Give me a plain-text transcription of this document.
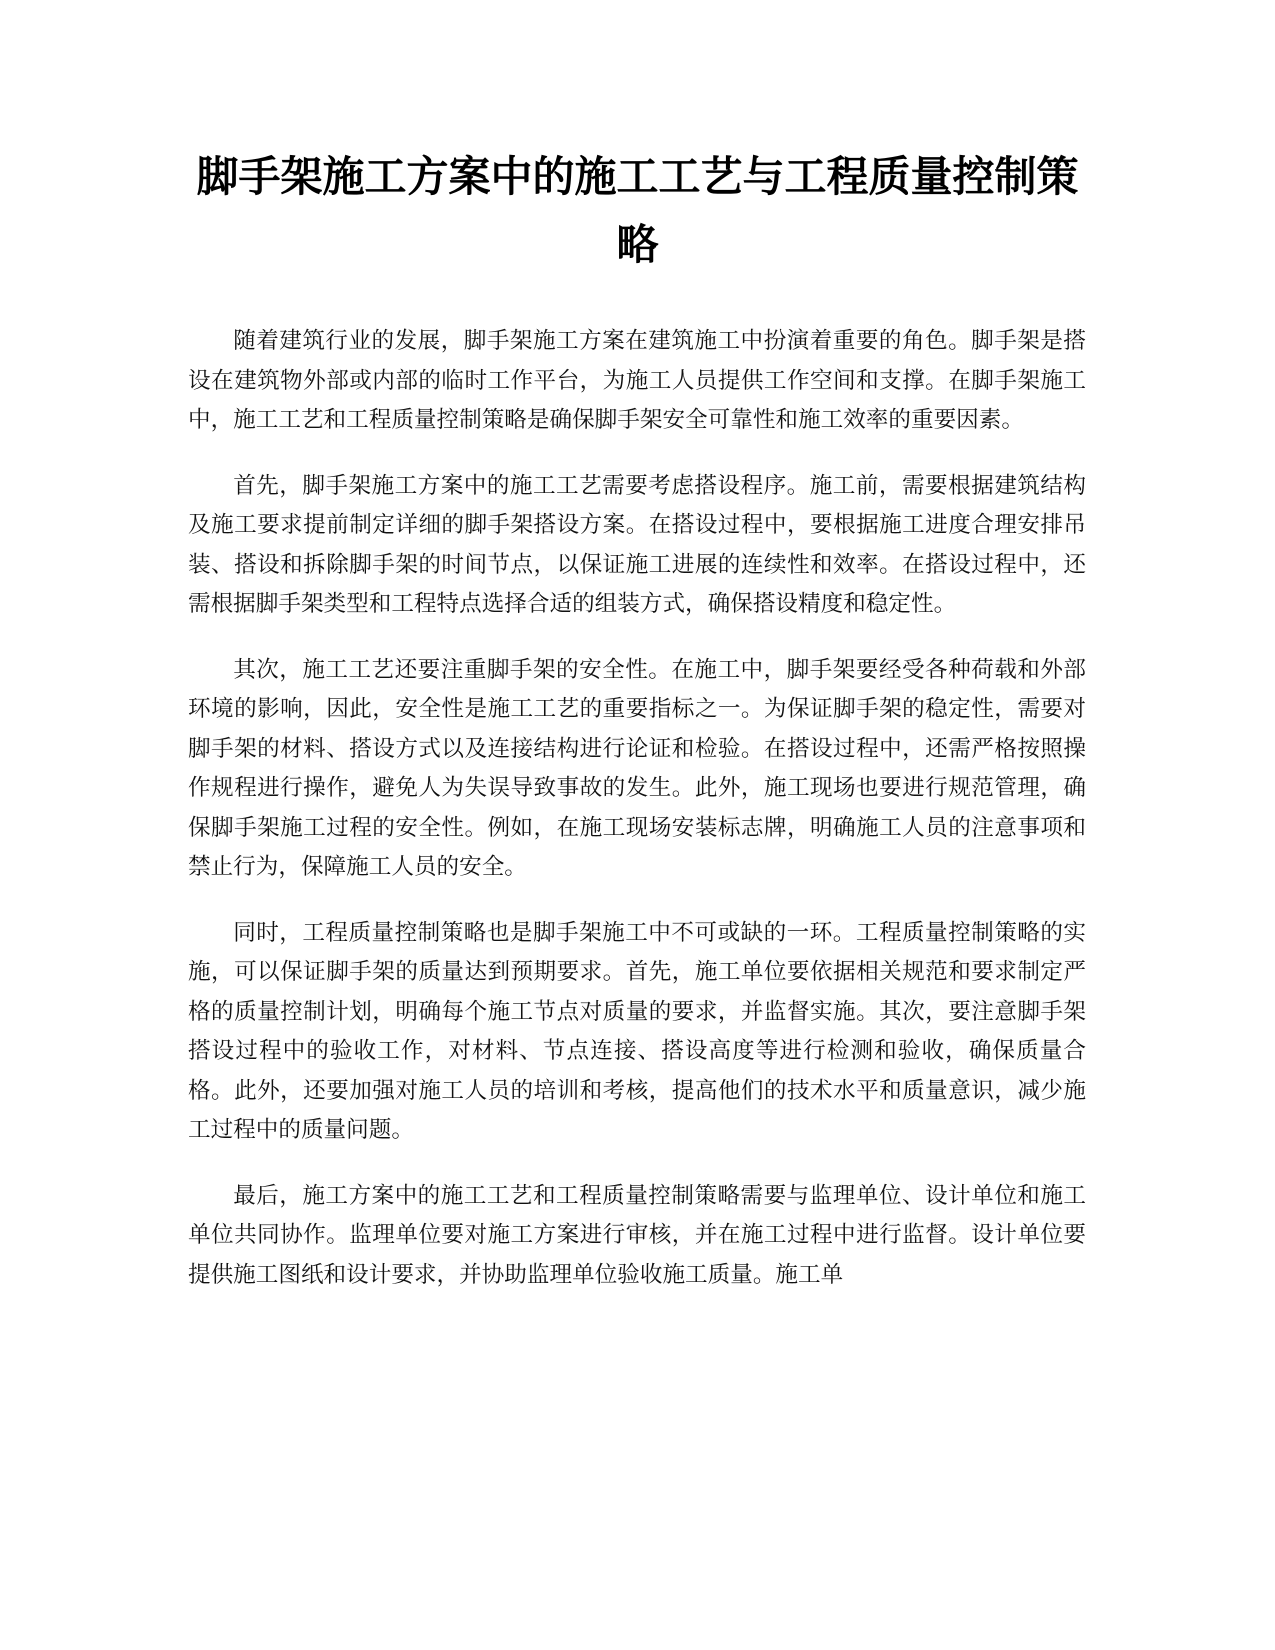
脚手架施工方案中的施工工艺与工程质量控制策略

随着建筑行业的发展，脚手架施工方案在建筑施工中扮演着重要的角色。脚手架是搭设在建筑物外部或内部的临时工作平台，为施工人员提供工作空间和支撑。在脚手架施工中，施工工艺和工程质量控制策略是确保脚手架安全可靠性和施工效率的重要因素。

首先，脚手架施工方案中的施工工艺需要考虑搭设程序。施工前，需要根据建筑结构及施工要求提前制定详细的脚手架搭设方案。在搭设过程中，要根据施工进度合理安排吊装、搭设和拆除脚手架的时间节点，以保证施工进展的连续性和效率。在搭设过程中，还需根据脚手架类型和工程特点选择合适的组装方式，确保搭设精度和稳定性。

其次，施工工艺还要注重脚手架的安全性。在施工中，脚手架要经受各种荷载和外部环境的影响，因此，安全性是施工工艺的重要指标之一。为保证脚手架的稳定性，需要对脚手架的材料、搭设方式以及连接结构进行论证和检验。在搭设过程中，还需严格按照操作规程进行操作，避免人为失误导致事故的发生。此外，施工现场也要进行规范管理，确保脚手架施工过程的安全性。例如，在施工现场安装标志牌，明确施工人员的注意事项和禁止行为，保障施工人员的安全。

同时，工程质量控制策略也是脚手架施工中不可或缺的一环。工程质量控制策略的实施，可以保证脚手架的质量达到预期要求。首先，施工单位要依据相关规范和要求制定严格的质量控制计划，明确每个施工节点对质量的要求，并监督实施。其次，要注意脚手架搭设过程中的验收工作，对材料、节点连接、搭设高度等进行检测和验收，确保质量合格。此外，还要加强对施工人员的培训和考核，提高他们的技术水平和质量意识，减少施工过程中的质量问题。

最后，施工方案中的施工工艺和工程质量控制策略需要与监理单位、设计单位和施工单位共同协作。监理单位要对施工方案进行审核，并在施工过程中进行监督。设计单位要提供施工图纸和设计要求，并协助监理单位验收施工质量。施工单
